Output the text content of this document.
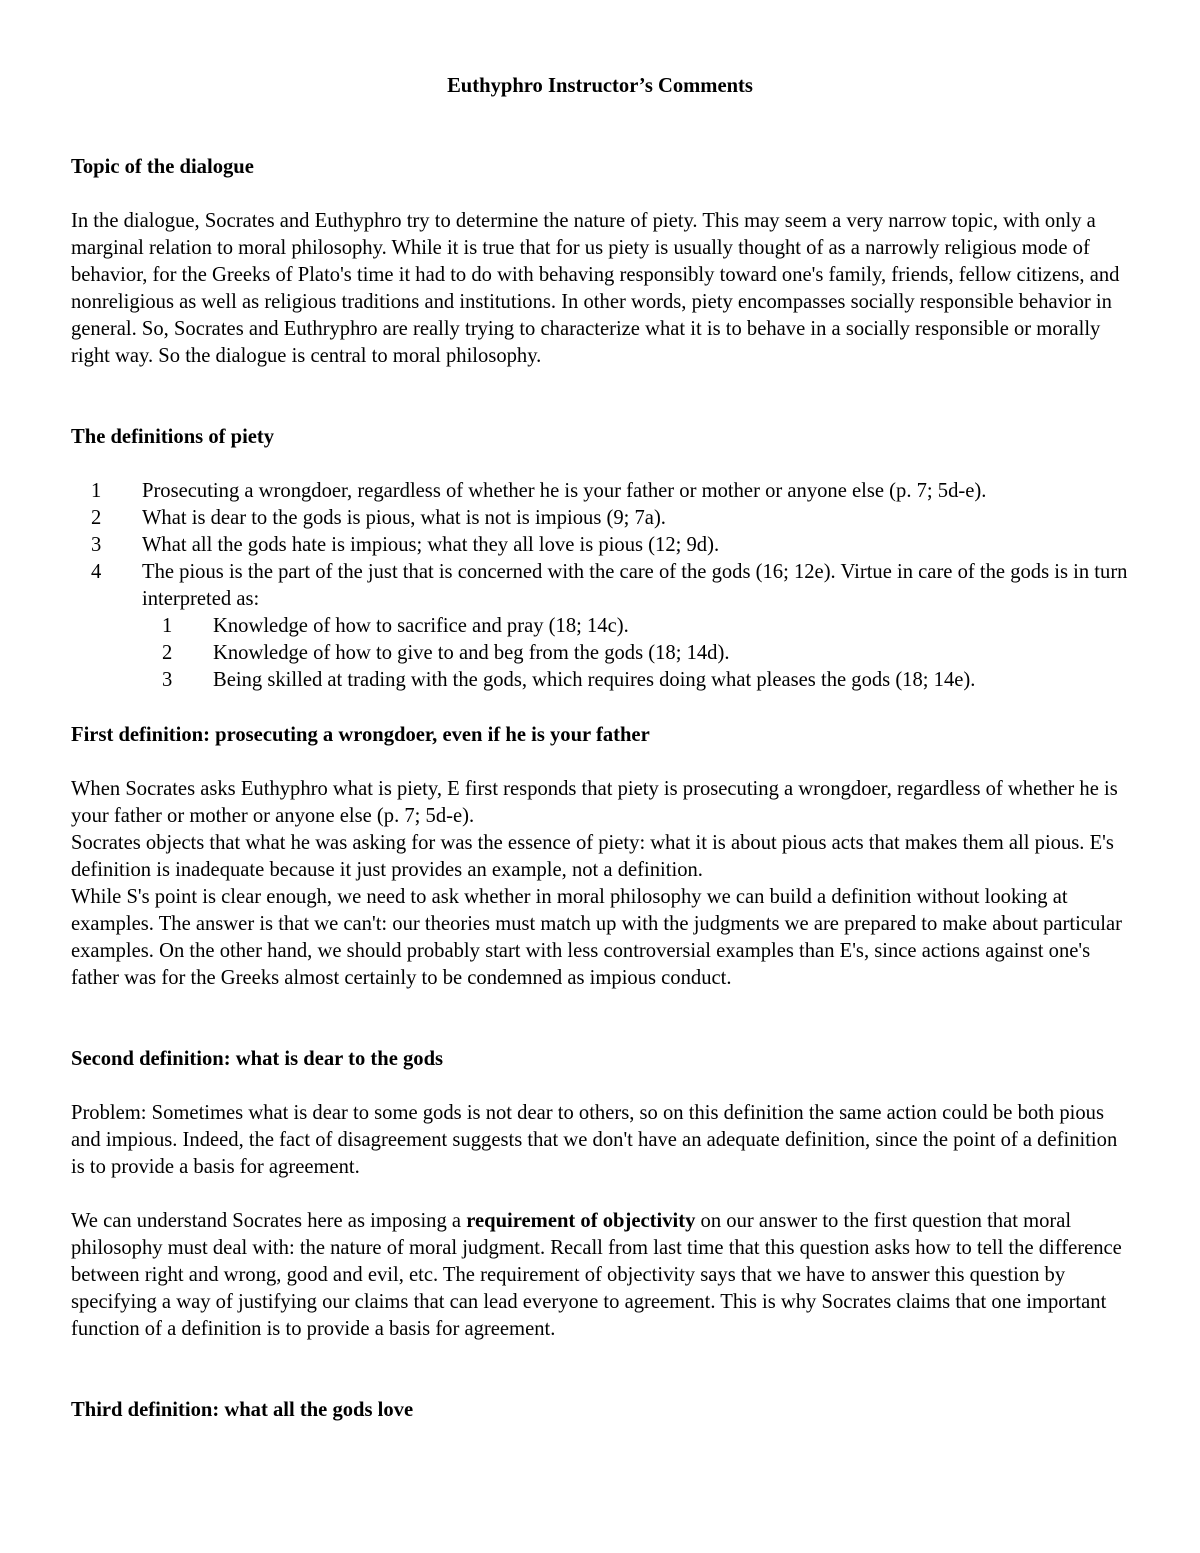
Euthyphro Instructor’s Comments
Topic of the dialogue

In the dialogue, Socrates and Euthyphro try to determine the nature of piety. This may seem a very narrow topic, with only a marginal relation to moral philosophy. While it is true that for us piety is usually thought of as a narrowly religious mode of behavior, for the Greeks of Plato's time it had to do with behaving responsibly toward one's family, friends, fellow citizens, and nonreligious as well as religious traditions and institutions. In other words, piety encompasses socially responsible behavior in general. So, Socrates and Euthryphro are really trying to characterize what it is to behave in a socially responsible or morally right way. So the dialogue is central to moral philosophy.

The definitions of piety
1 Prosecuting a wrongdoer, regardless of whether he is your father or mother or anyone else (p. 7; 5d-e).
2 What is dear to the gods is pious, what is not is impious (9; 7a).
3 What all the gods hate is impious; what they all love is pious (12; 9d).
4 The pious is the part of the just that is concerned with the care of the gods (16; 12e). Virtue in care of the gods is in turn interpreted as:
1 Knowledge of how to sacrifice and pray (18; 14c).
2 Knowledge of how to give to and beg from the gods (18; 14d).
3 Being skilled at trading with the gods, which requires doing what pleases the gods (18; 14e).
First definition: prosecuting a wrongdoer, even if he is your father

When Socrates asks Euthyphro what is piety, E first responds that piety is prosecuting a wrongdoer, regardless of whether he is your father or mother or anyone else (p. 7; 5d-e).

Socrates objects that what he was asking for was the essence of piety: what it is about pious acts that makes them all pious. E's definition is inadequate because it just provides an example, not a definition.

While S's point is clear enough, we need to ask whether in moral philosophy we can build a definition without looking at examples. The answer is that we can't: our theories must match up with the judgments we are prepared to make about particular examples. On the other hand, we should probably start with less controversial examples than E's, since actions against one's father was for the Greeks almost certainly to be condemned as impious conduct.

Second definition: what is dear to the gods

Problem: Sometimes what is dear to some gods is not dear to others, so on this definition the same action could be both pious and impious. Indeed, the fact of disagreement suggests that we don't have an adequate definition, since the point of a definition is to provide a basis for agreement.

We can understand Socrates here as imposing a requirement of objectivity on our answer to the first question that moral philosophy must deal with: the nature of moral judgment. Recall from last time that this question asks how to tell the difference between right and wrong, good and evil, etc. The requirement of objectivity says that we have to answer this question by specifying a way of justifying our claims that can lead everyone to agreement. This is why Socrates claims that one important function of a definition is to provide a basis for agreement.

Third definition: what all the gods love
